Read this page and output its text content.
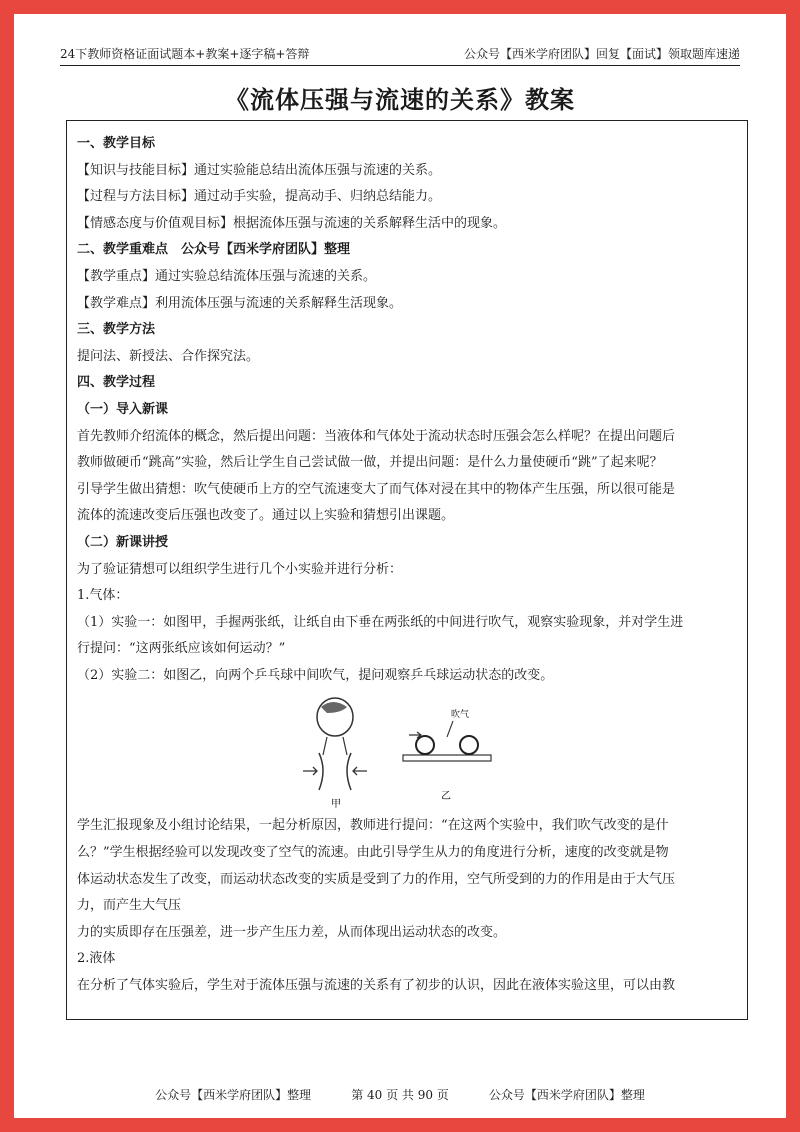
24下教师资格证面试题本+教案+逐字稿+答辩	公众号【西米学府团队】回复【面试】领取题库速递
《流体压强与流速的关系》教案
一、教学目标
【知识与技能目标】通过实验能总结出流体压强与流速的关系。
【过程与方法目标】通过动手实验，提高动手、归纳总结能力。
【情感态度与价值观目标】根据流体压强与流速的关系解释生活中的现象。
二、教学重难点　公众号【西米学府团队】整理
【教学重点】通过实验总结流体压强与流速的关系。
【教学难点】利用流体压强与流速的关系解释生活现象。
三、教学方法
提问法、新授法、合作探究法。
四、教学过程
（一）导入新课
首先教师介绍流体的概念，然后提出问题：当液体和气体处于流动状态时压强会怎么样呢？在提出问题后
教师做硬币“跳高”实验，然后让学生自己尝试做一做，并提出问题：是什么力量使硬币“跳”了起来呢？
引导学生做出猜想：吹气使硬币上方的空气流速变大了而气体对浸在其中的物体产生压强，所以很可能是
流体的流速改变后压强也改变了。通过以上实验和猜想引出课题。
（二）新课讲授
为了验证猜想可以组织学生进行几个小实验并进行分析：
1.气体：
（1）实验一：如图甲，手握两张纸，让纸自由下垂在两张纸的中间进行吹气，观察实验现象，并对学生进
行提问：“这两张纸应该如何运动？”
（2）实验二：如图乙，向两个乒乓球中间吹气，提问观察乒乓球运动状态的改变。
甲
吹气
乙
学生汇报现象及小组讨论结果，一起分析原因，教师进行提问：“在这两个实验中，我们吹气改变的是什
么？”学生根据经验可以发现改变了空气的流速。由此引导学生从力的角度进行分析，速度的改变就是物
体运动状态发生了改变，而运动状态改变的实质是受到了力的作用，空气所受到的力的作用是由于大气压
力，而产生大气压
力的实质即存在压强差，进一步产生压力差，从而体现出运动状态的改变。
2.液体
在分析了气体实验后，学生对于流体压强与流速的关系有了初步的认识，因此在液体实验这里，可以由教
公众号【西米学府团队】整理	第 40 页 共 90 页	公众号【西米学府团队】整理
